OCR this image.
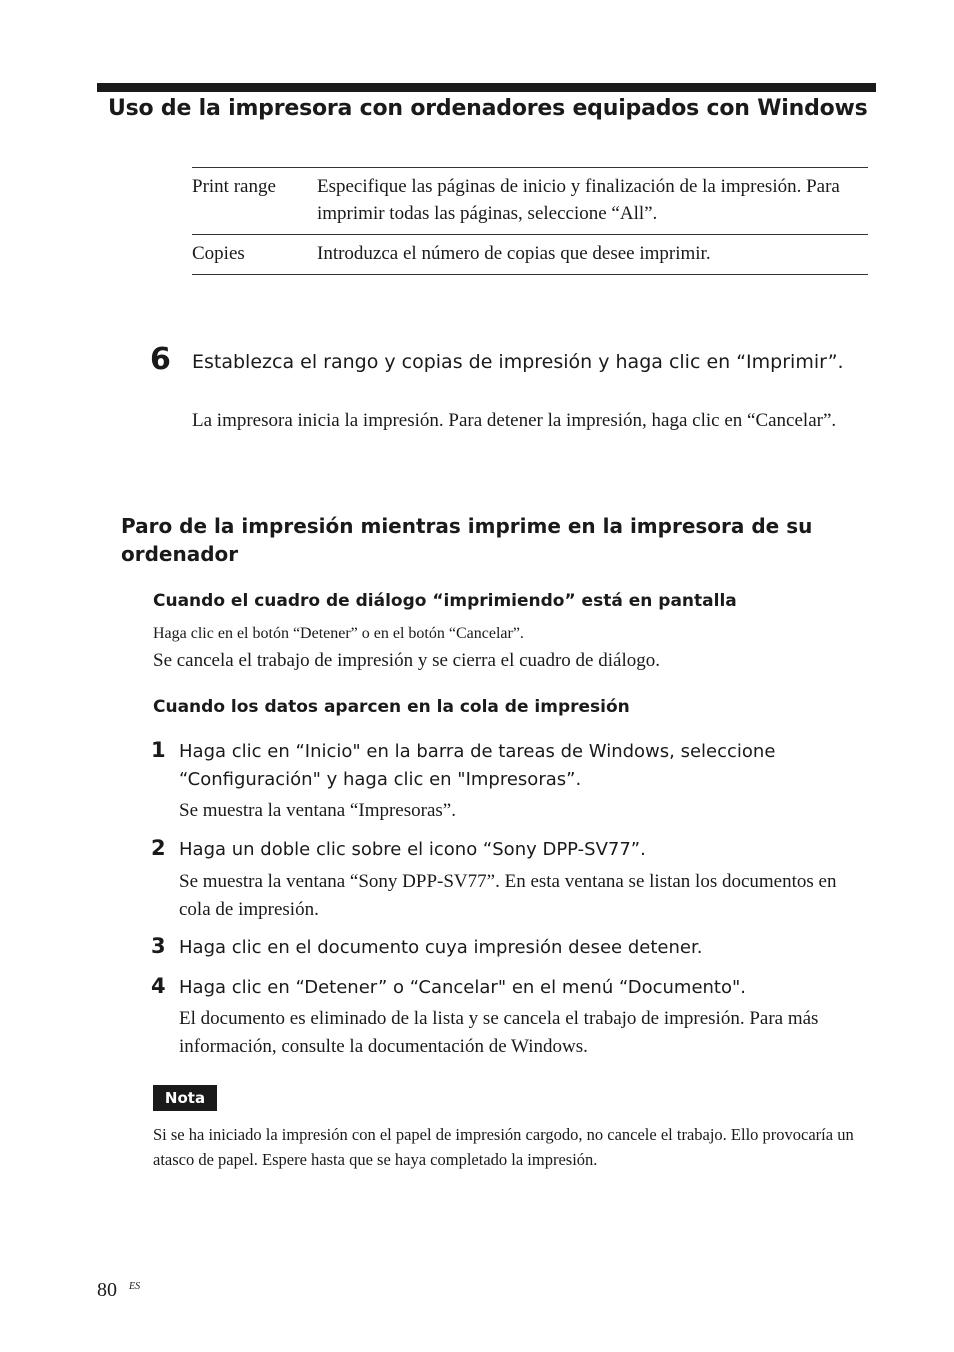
Uso de la impresora con ordenadores equipados con Windows
Print range	Especifique las páginas de inicio y finalización de la impresión. Para imprimir todas las páginas, seleccione “All”.
Copies	Introduzca el número de copias que desee imprimir.
6 Establezca el rango y copias de impresión y haga clic en “Imprimir”.
La impresora inicia la impresión. Para detener la impresión, haga clic en “Cancelar”.
Paro de la impresión mientras imprime en la impresora de su ordenador
Cuando el cuadro de diálogo “imprimiendo” está en pantalla
Haga clic en el botón “Detener” o en el botón “Cancelar”.
Se cancela el trabajo de impresión y se cierra el cuadro de diálogo.
Cuando los datos aparcen en la cola de impresión
1 Haga clic en “Inicio" en la barra de tareas de Windows, seleccione “Configuración" y haga clic en "Impresoras”.
Se muestra la ventana “Impresoras”.
2 Haga un doble clic sobre el icono “Sony DPP-SV77”.
Se muestra la ventana “Sony DPP-SV77”. En esta ventana se listan los documentos en cola de impresión.
3 Haga clic en el documento cuya impresión desee detener.
4 Haga clic en “Detener” o “Cancelar" en el menú “Documento".
El documento es eliminado de la lista y se cancela el trabajo de impresión. Para más información, consulte la documentación de Windows.
Nota
Si se ha iniciado la impresión con el papel de impresión cargodo, no cancele el trabajo. Ello provocaría un atasco de papel. Espere hasta que se haya completado la impresión.
80 ES
